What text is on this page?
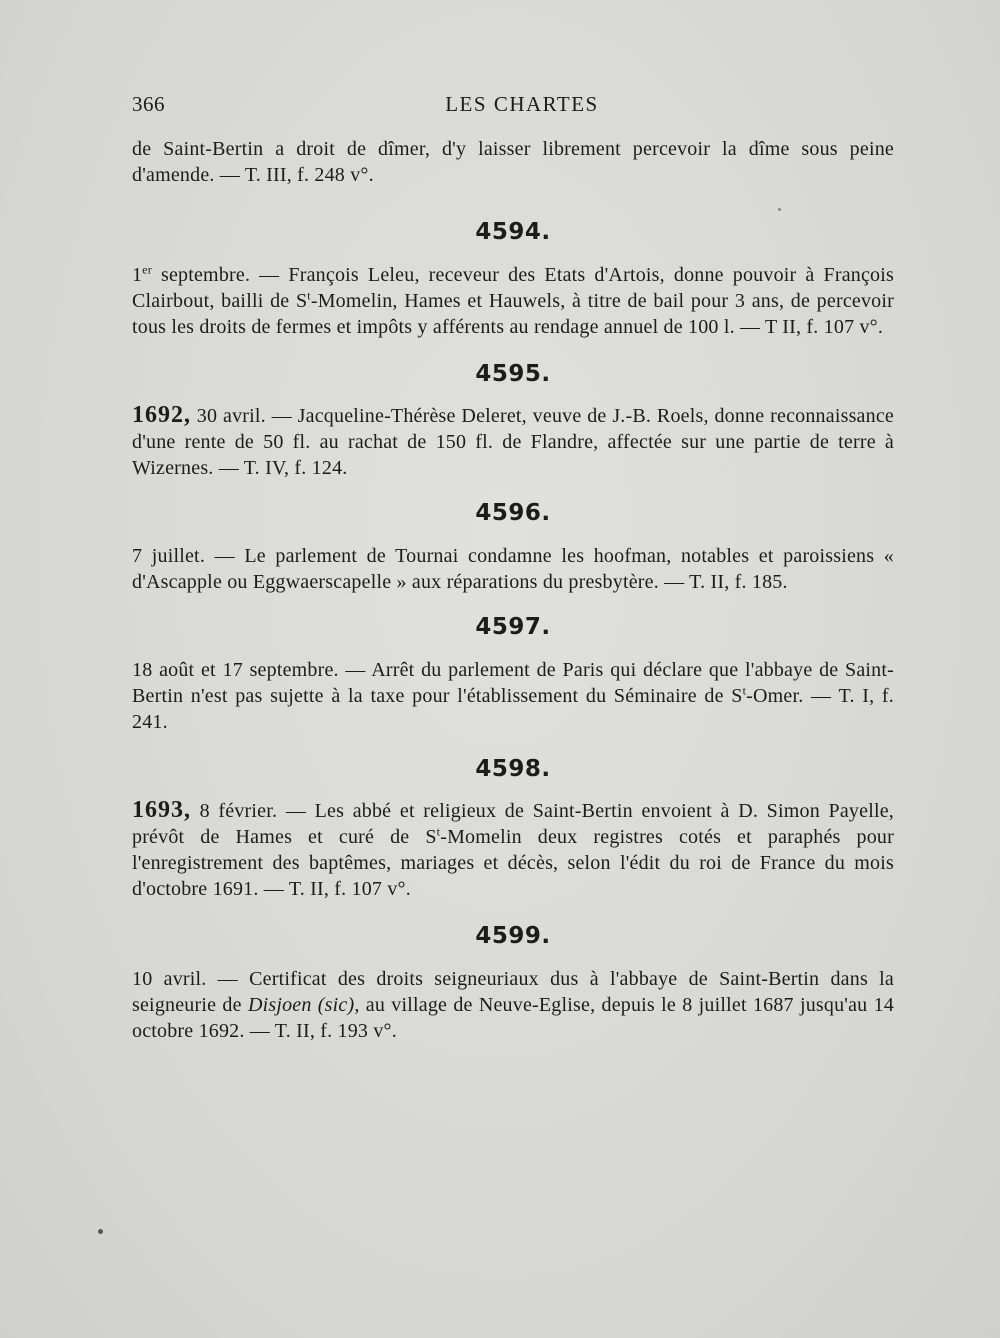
366	LES CHARTES

de Saint-Bertin a droit de dîmer, d'y laisser librement percevoir la dîme sous peine d'amende. — T. III, f. 248 v°.

4594.

1er septembre. — François Leleu, receveur des Etats d'Artois, donne pouvoir à François Clairbout, bailli de $S^t$-Momelin, Hames et Hauwels, à titre de bail pour 3 ans, de percevoir tous les droits de fermes et impôts y afférents au rendage annuel de 100 l. — T II, f. 107 v°.

4595.

1692, 30 avril. — Jacqueline-Thérèse Deleret, veuve de J.-B. Roels, donne reconnaissance d'une rente de 50 fl. au rachat de 150 fl. de Flandre, affectée sur une partie de terre à Wizernes. — T. IV, f. 124.

4596.

7 juillet. — Le parlement de Tournai condamne les hoofman, notables et paroissiens « d'Ascapple ou Eggwaerscapelle » aux réparations du presbytère. — T. II, f. 185.

4597.

18 août et 17 septembre. — Arrêt du parlement de Paris qui déclare que l'abbaye de Saint-Bertin n'est pas sujette à la taxe pour l'établissement du Séminaire de $S^t$-Omer. — T. I, f. 241.

4598.

1693, 8 février. — Les abbé et religieux de Saint-Bertin envoient à D. Simon Payelle, prévôt de Hames et curé de $S^t$-Momelin deux registres cotés et paraphés pour l'enregistrement des baptêmes, mariages et décès, selon l'édit du roi de France du mois d'octobre 1691. — T. II, f. 107 v°.

4599.

10 avril. — Certificat des droits seigneuriaux dus à l'abbaye de Saint-Bertin dans la seigneurie de Disjoen (sic), au village de Neuve-Eglise, depuis le 8 juillet 1687 jusqu'au 14 octobre 1692. — T. II, f. 193 v°.
